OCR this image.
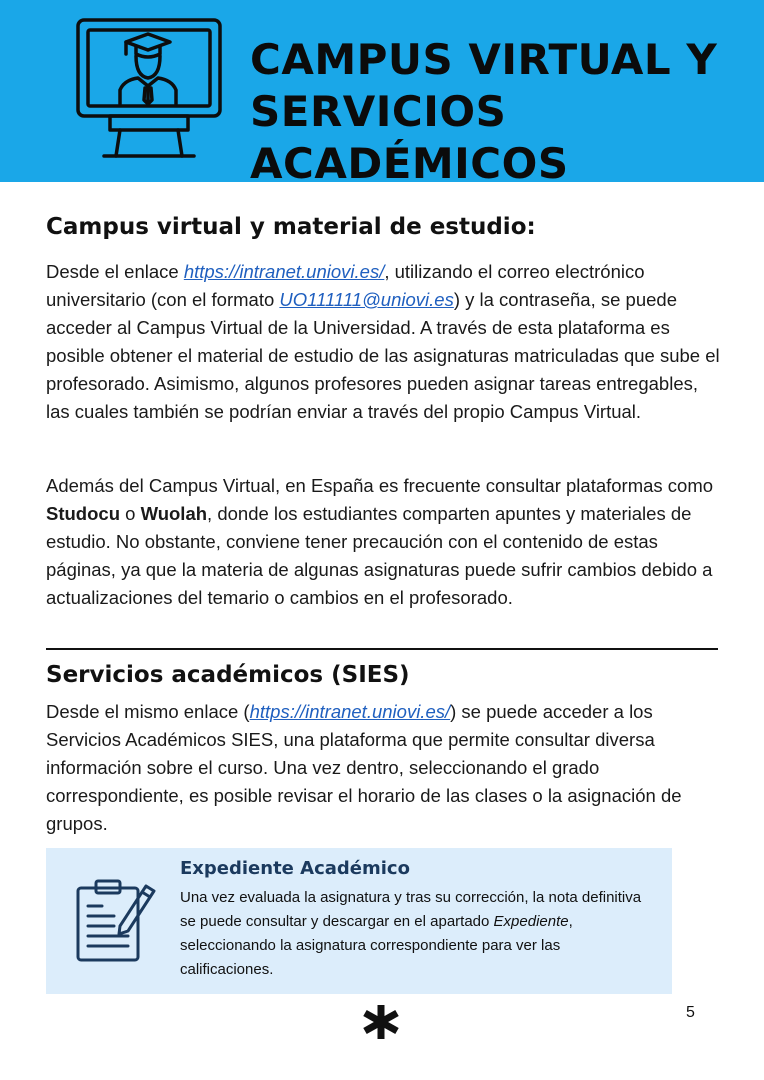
CAMPUS VIRTUAL Y
SERVICIOS ACADÉMICOS
Campus virtual y material de estudio:

Desde el enlace https://intranet.uniovi.es/, utilizando el correo electrónico universitario (con el formato UO111111@uniovi.es) y la contraseña, se puede acceder al Campus Virtual de la Universidad. A través de esta plataforma es posible obtener el material de estudio de las asignaturas matriculadas que sube el profesorado. Asimismo, algunos profesores pueden asignar tareas entregables, las cuales también se podrían enviar a través del propio Campus Virtual.

Además del Campus Virtual, en España es frecuente consultar plataformas como Studocu o Wuolah, donde los estudiantes comparten apuntes y materiales de estudio. No obstante, conviene tener precaución con el contenido de estas páginas, ya que la materia de algunas asignaturas puede sufrir cambios debido a actualizaciones del temario o cambios en el profesorado.

Servicios académicos (SIES)

Desde el mismo enlace (https://intranet.uniovi.es/) se puede acceder a los Servicios Académicos SIES, una plataforma que permite consultar diversa información sobre el curso. Una vez dentro, seleccionando el grado correspondiente, es posible revisar el horario de las clases o la asignación de grupos.

Expediente Académico

Una vez evaluada la asignatura y tras su corrección, la nota definitiva se puede consultar y descargar en el apartado Expediente, seleccionando la asignatura correspondiente para ver las calificaciones.

5
